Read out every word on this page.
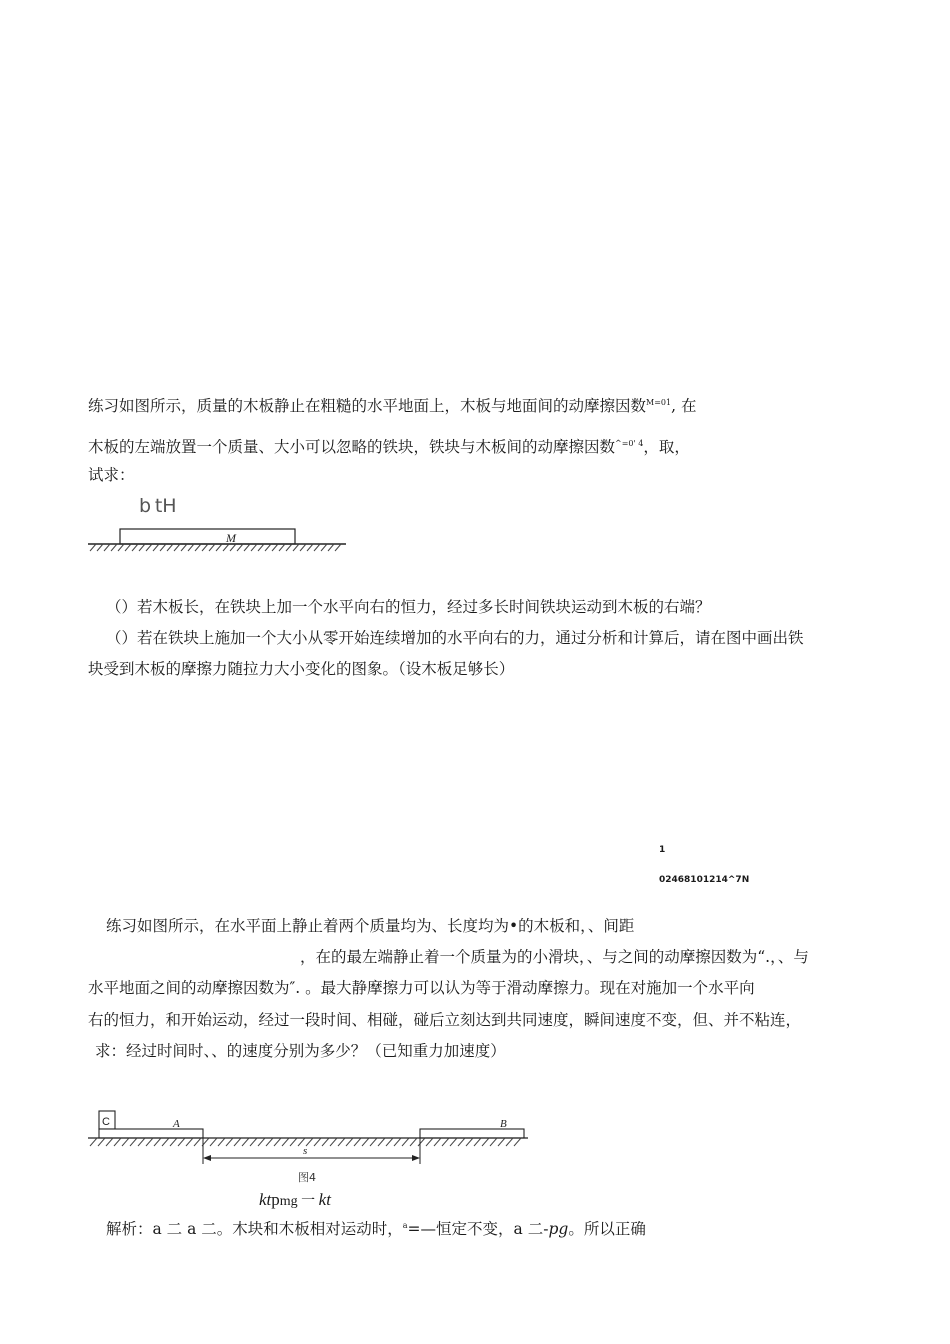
练习如图所示，质量的木板静止在粗糙的水平地面上，木板与地面间的动摩擦因数$^{M=01}$, 在
木板的左端放置一个质量、大小可以忽略的铁块，铁块与木板间的动摩擦因数$^{\^{}=0' 4}$，取，
试求：
b tH
M
（）若木板长，在铁块上加一个水平向右的恒力，经过多长时间铁块运动到木板的右端？
（）若在铁块上施加一个大小从零开始连续增加的水平向右的力，通过分析和计算后，请在图中画出铁
块受到木板的摩擦力随拉力大小变化的图象。（设木板足够长）
1
02468101214^7N
练习如图所示，在水平面上静止着两个质量均为、长度均为•的木板和，、间距
，在的最左端静止着一个质量为的小滑块，、与之间的动摩擦因数为“.，、与
水平地面之间的动摩擦因数为″. 。最大静摩擦力可以认为等于滑动摩擦力。现在对施加一个水平向
右的恒力，和开始运动，经过一段时间、相碰，碰后立刻达到共同速度，瞬间速度不变，但、并不粘连，
求：经过时间时、、的速度分别为多少？（已知重力加速度）
C	A	B
s
图4
ktpmg 一 kt
解析：a 二 a 二。木块和木板相对运动时，$^a$=—恒定不变，a 二-pg。所以正确
